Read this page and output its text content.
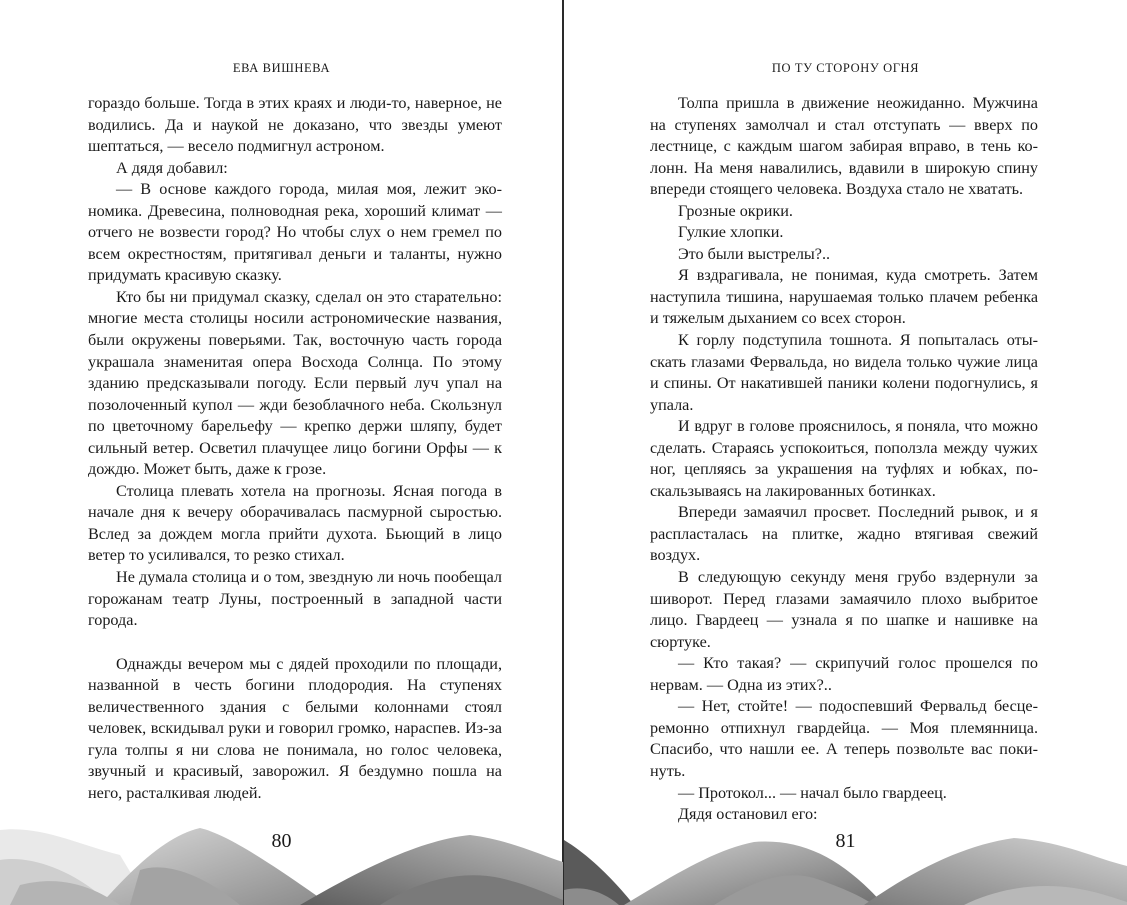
ЕВА ВИШНЕВА

гораздо больше. Тогда в этих краях и люди-то, наверное, не водились. Да и наукой не доказано, что звезды умеют шептаться, — весело подмигнул астроном.

А дядя добавил:

— В основе каждого города, милая моя, лежит экономика. Древесина, полноводная река, хороший климат — отчего не возвести город? Но чтобы слух о нем гремел по всем окрестностям, притягивал деньги и таланты, нужно придумать красивую сказку.

Кто бы ни придумал сказку, сделал он это старательно: многие места столицы носили астрономические названия, были окружены поверьями. Так, восточную часть города украшала знаменитая опера Восхода Солнца. По этому зданию предсказывали погоду. Если первый луч упал на позолоченный купол — жди безоблачного неба. Скользнул по цветочному барельефу — крепко держи шляпу, будет сильный ветер. Осветил плачущее лицо богини Орфы — к дождю. Может быть, даже к грозе.

Столица плевать хотела на прогнозы. Ясная погода в начале дня к вечеру оборачивалась пасмурной сыростью. Вслед за дождем могла прийти духота. Бьющий в лицо ветер то усиливался, то резко стихал.

Не думала столица и о том, звездную ли ночь пообещал горожанам театр Луны, построенный в западной части города.

Однажды вечером мы с дядей проходили по площади, названной в честь богини плодородия. На ступенях величественного здания с белыми колоннами стоял человек, вскидывал руки и говорил громко, нараспев. Из-за гула толпы я ни слова не понимала, но голос человека, звучный и красивый, заворожил. Я бездумно пошла на него, расталкивая людей.

80
ПО ТУ СТОРОНУ ОГНЯ

Толпа пришла в движение неожиданно. Мужчина на ступенях замолчал и стал отступать — вверх по лестнице, с каждым шагом забирая вправо, в тень колонн. На меня навалились, вдавили в широкую спину впереди стоящего человека. Воздуха стало не хватать.

Грозные окрики.

Гулкие хлопки.

Это были выстрелы?..

Я вздрагивала, не понимая, куда смотреть. Затем наступила тишина, нарушаемая только плачем ребенка и тяжелым дыханием со всех сторон.

К горлу подступила тошнота. Я попыталась отыскать глазами Фервальда, но видела только чужие лица и спины. От накатившей паники колени подогнулись, я упала.

И вдруг в голове прояснилось, я поняла, что можно сделать. Стараясь успокоиться, поползла между чужих ног, цепляясь за украшения на туфлях и юбках, поскальзываясь на лакированных ботинках.

Впереди замаячил просвет. Последний рывок, и я распласталась на плитке, жадно втягивая свежий воздух.

В следующую секунду меня грубо вздернули за шиворот. Перед глазами замаячило плохо выбритое лицо. Гвардеец — узнала я по шапке и нашивке на сюртуке.

— Кто такая? — скрипучий голос прошелся по нервам. — Одна из этих?..

— Нет, стойте! — подоспевший Фервальд бесцеремонно отпихнул гвардейца. — Моя племянница. Спасибо, что нашли ее. А теперь позвольте вас покинуть.

— Протокол... — начал было гвардеец.

Дядя остановил его:

81
